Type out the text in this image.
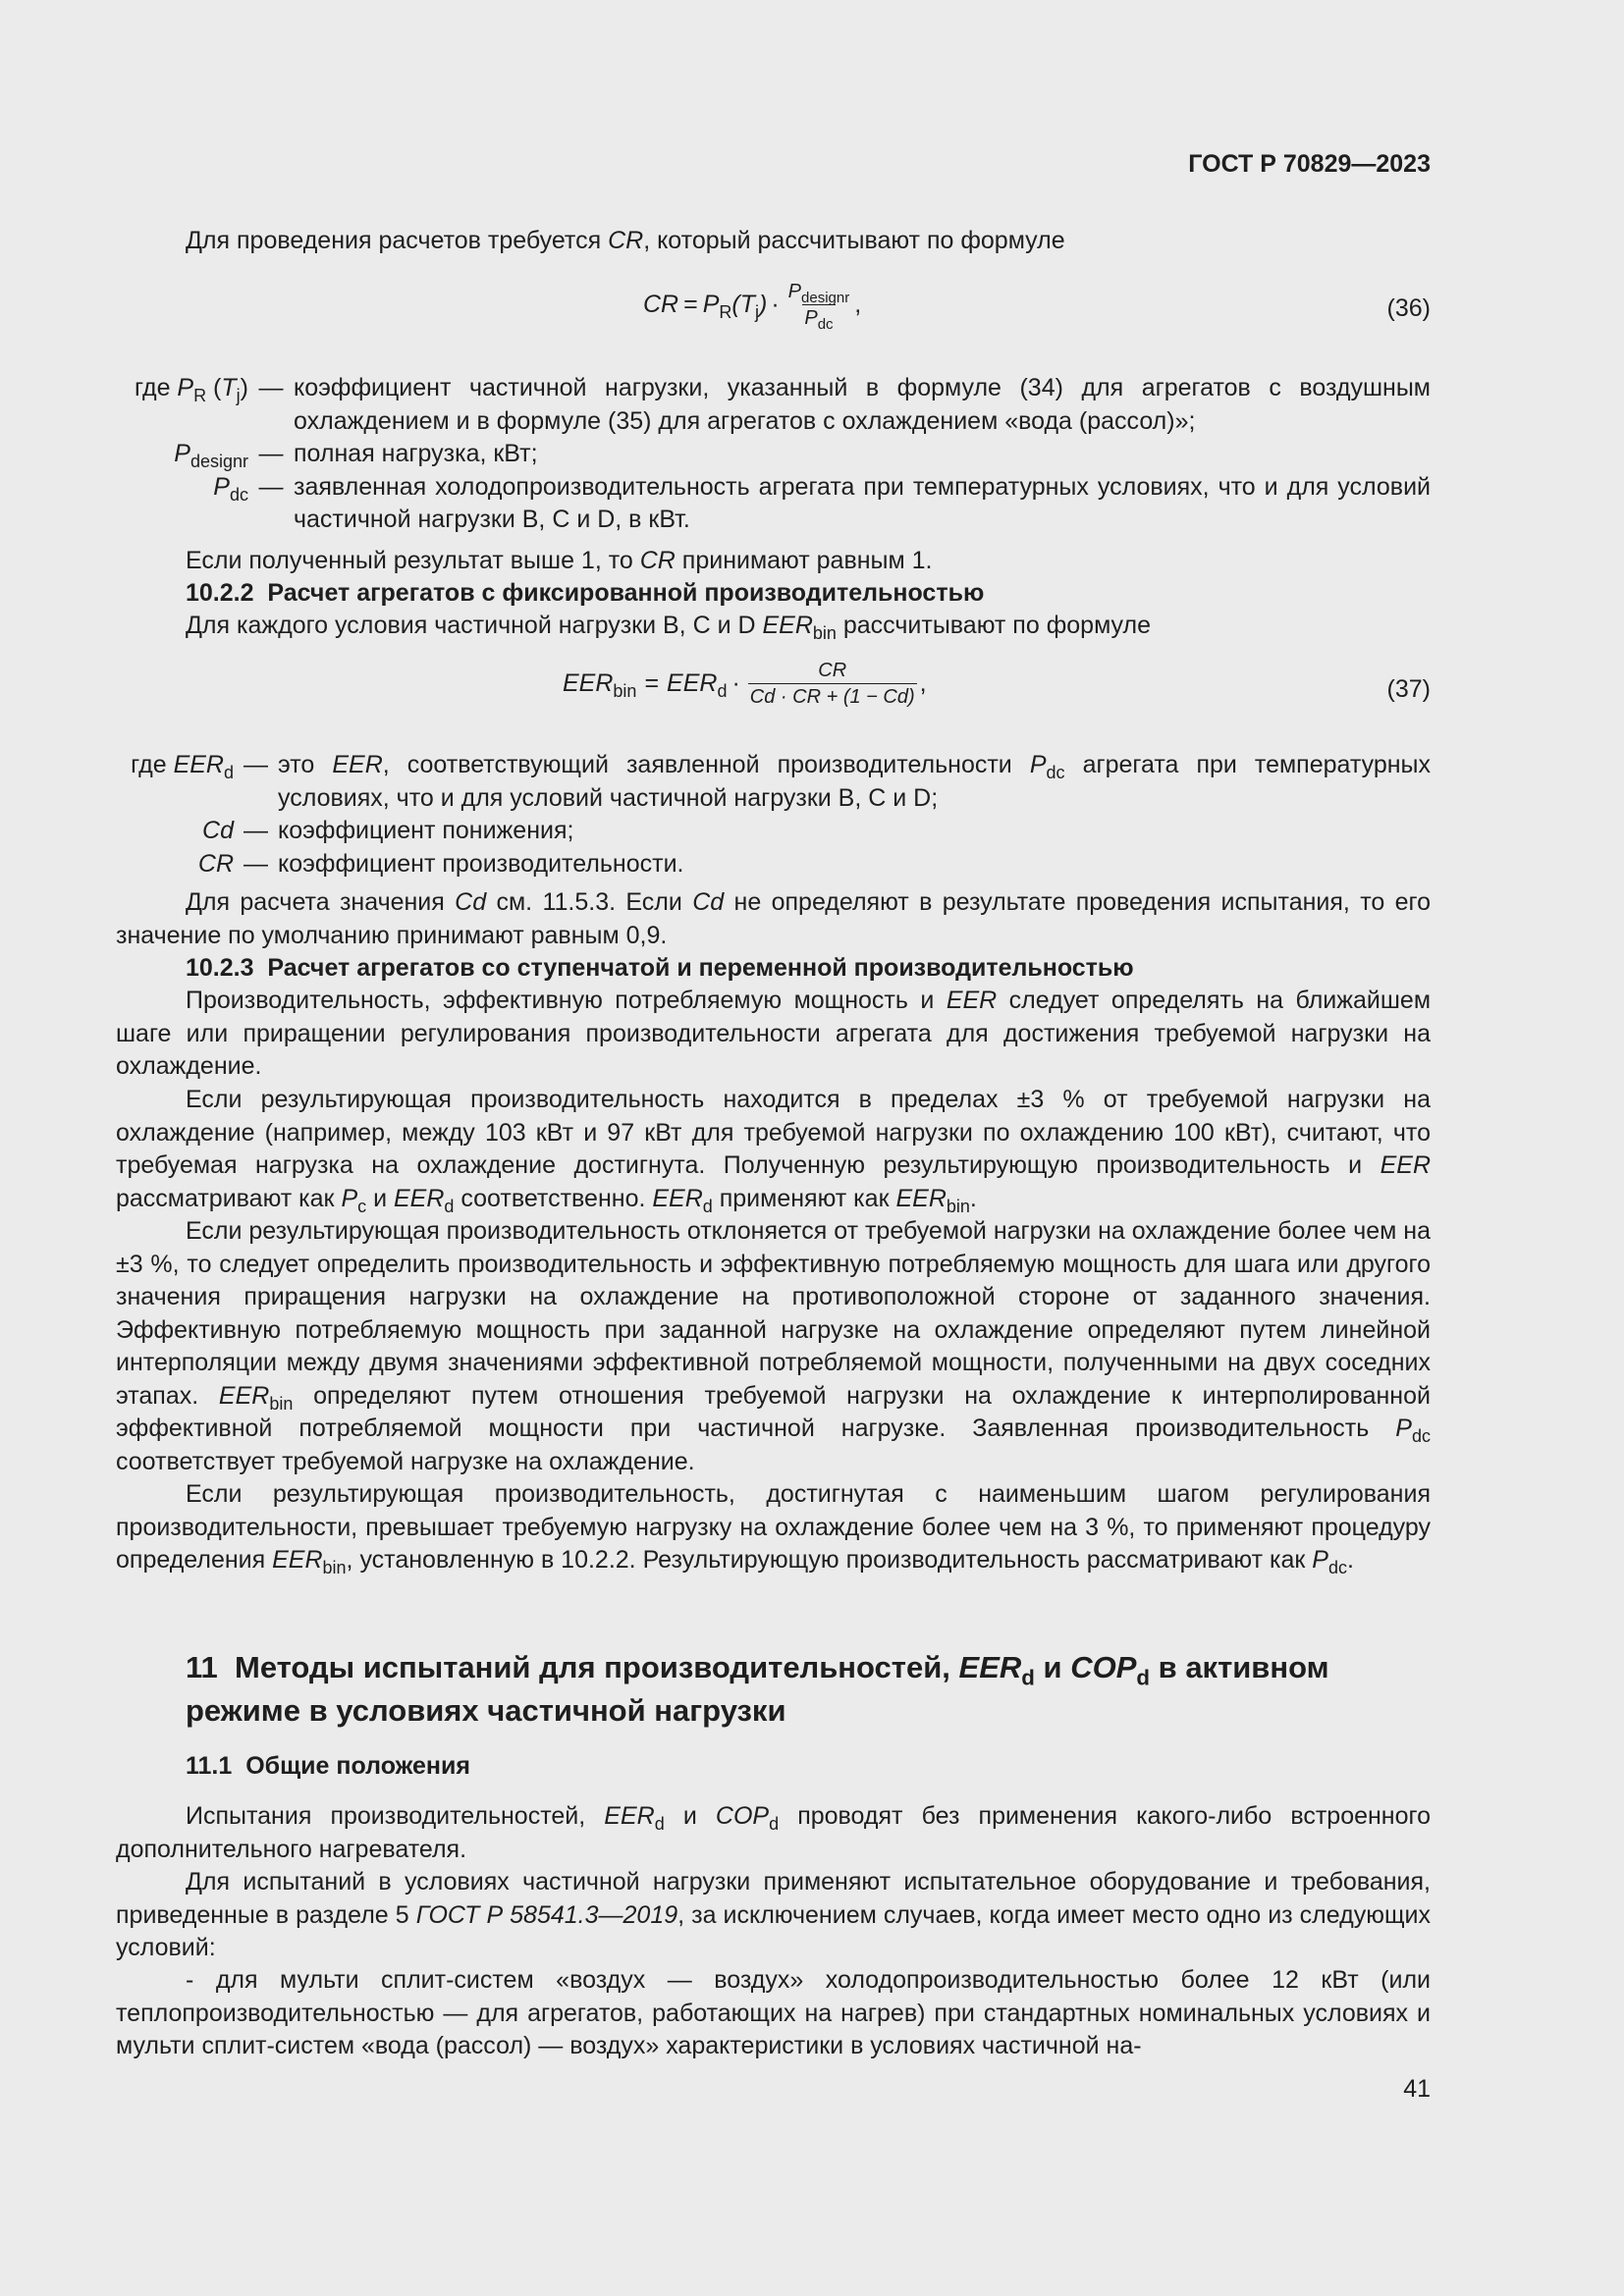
ГОСТ Р 70829—2023

Для проведения расчетов требуется CR, который рассчитывают по формуле

CR = $P_R(T_j) \cdot \frac{P_{designr}}{P_{dc}}$ ,	(36)
где $P_R$ $(T_j)$	—	коэффициент частичной нагрузки, указанный в формуле (34) для агрегатов с воздушным охлаждением и в формуле (35) для агрегатов с охлаждением «вода (рассол)»;
$P_{designr}$	—	полная нагрузка, кВт;
$P_{dc}$	—	заявленная холодопроизводительность агрегата при температурных условиях, что и для условий частичной нагрузки В, С и D, в кВт.

Если полученный результат выше 1, то CR принимают равным 1.

10.2.2 Расчет агрегатов с фиксированной производительностью

Для каждого условия частичной нагрузки В, С и D $EER_{bin}$ рассчитывают по формуле

$EER_{bin} = EER_d \cdot \frac{CR}{Cd \cdot CR + (1 - Cd)}$ ,	(37)
где $EER_d$	—	это EER, соответствующий заявленной производительности $P_{dc}$ агрегата при температурных условиях, что и для условий частичной нагрузки В, С и D;
Cd	—	коэффициент понижения;
CR	—	коэффициент производительности.

Для расчета значения Cd см. 11.5.3. Если Cd не определяют в результате проведения испытания, то его значение по умолчанию принимают равным 0,9.

10.2.3 Расчет агрегатов со ступенчатой и переменной производительностью

Производительность, эффективную потребляемую мощность и EER следует определять на ближайшем шаге или приращении регулирования производительности агрегата для достижения требуемой нагрузки на охлаждение.

Если результирующая производительность находится в пределах ±3 % от требуемой нагрузки на охлаждение (например, между 103 кВт и 97 кВт для требуемой нагрузки по охлаждению 100 кВт), считают, что требуемая нагрузка на охлаждение достигнута. Полученную результирующую производительность и EER рассматривают как $P_c$ и $EER_d$ соответственно. $EER_d$ применяют как $EER_{bin}$.

Если результирующая производительность отклоняется от требуемой нагрузки на охлаждение более чем на ±3 %, то следует определить производительность и эффективную потребляемую мощность для шага или другого значения приращения нагрузки на охлаждение на противоположной стороне от заданного значения. Эффективную потребляемую мощность при заданной нагрузке на охлаждение определяют путем линейной интерполяции между двумя значениями эффективной потребляемой мощности, полученными на двух соседних этапах. $EER_{bin}$ определяют путем отношения требуемой нагрузки на охлаждение к интерполированной эффективной потребляемой мощности при частичной нагрузке. Заявленная производительность $P_{dc}$ соответствует требуемой нагрузке на охлаждение.

Если результирующая производительность, достигнутая с наименьшим шагом регулирования производительности, превышает требуемую нагрузку на охлаждение более чем на 3 %, то применяют процедуру определения $EER_{bin}$, установленную в 10.2.2. Результирующую производительность рассматривают как $P_{dc}$.

11  Методы испытаний для производительностей, $EER_d$ и $COP_d$ в активном режиме в условиях частичной нагрузки
11.1 Общие положения

Испытания производительностей, $EER_d$ и $COP_d$ проводят без применения какого-либо встроенного дополнительного нагревателя.

Для испытаний в условиях частичной нагрузки применяют испытательное оборудование и требования, приведенные в разделе 5 ГОСТ Р 58541.3—2019, за исключением случаев, когда имеет место одно из следующих условий:

- для мульти сплит-систем «воздух — воздух» холодопроизводительностью более 12 кВт (или теплопроизводительностью — для агрегатов, работающих на нагрев) при стандартных номинальных условиях и мульти сплит-систем «вода (рассол) — воздух» характеристики в условиях частичной на-

41
